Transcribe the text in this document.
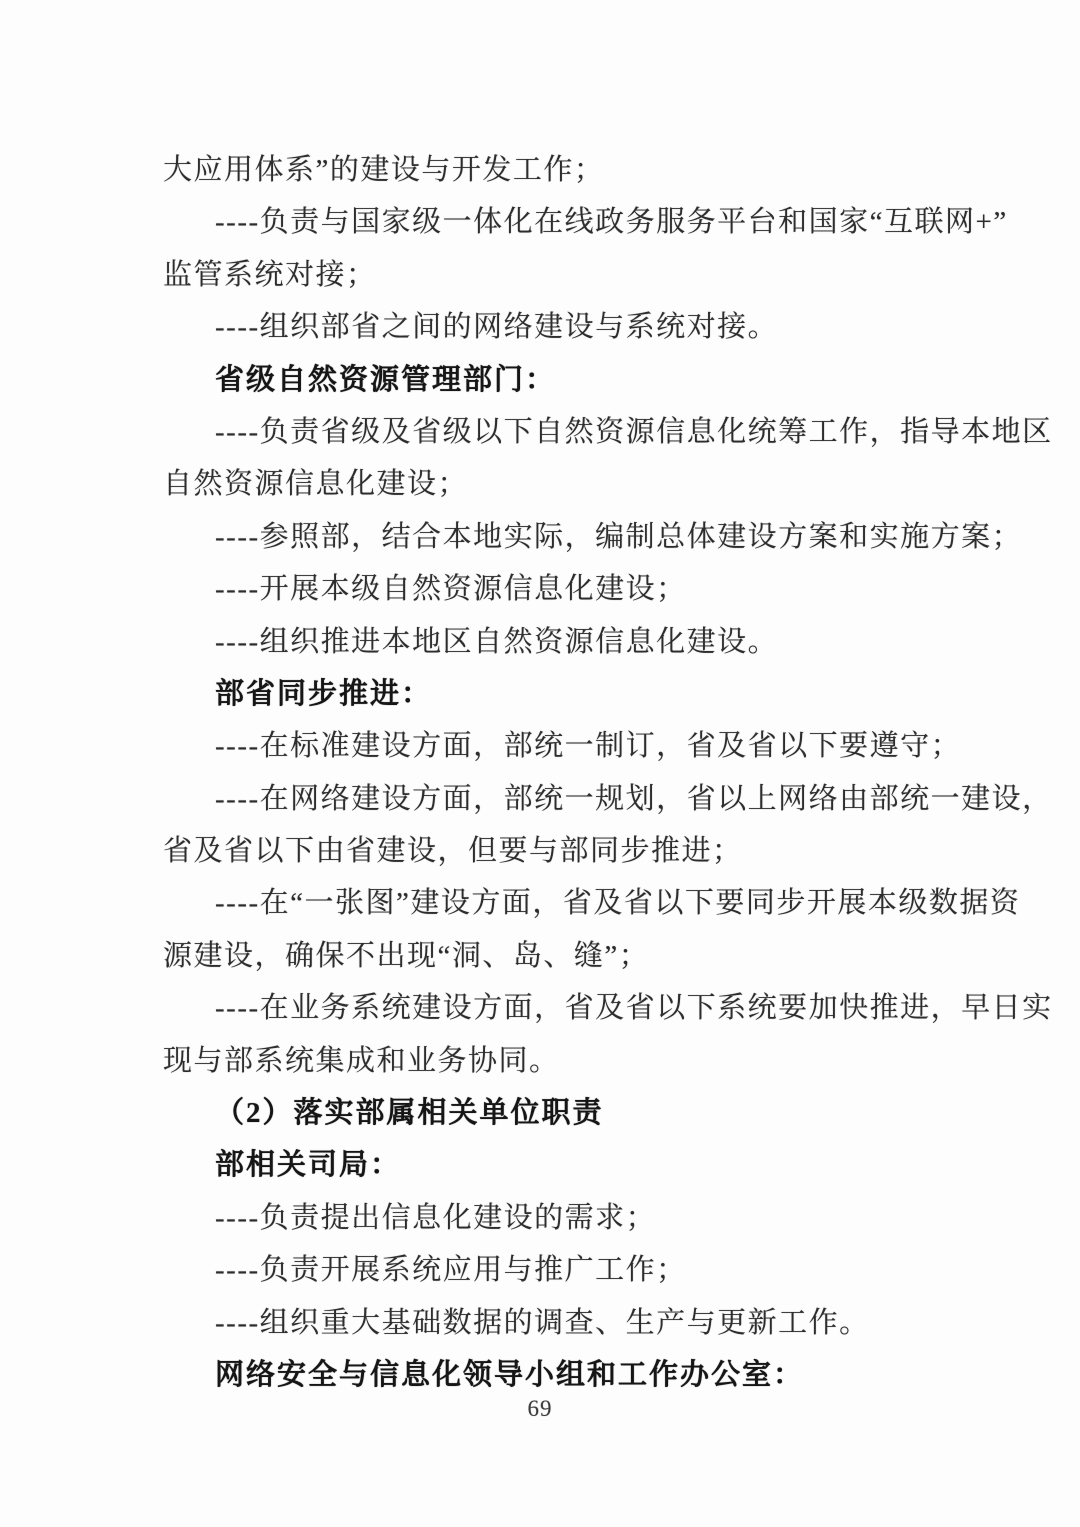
大应用体系”的建设与开发工作；

----负责与国家级一体化在线政务服务平台和国家“互联网+”

监管系统对接；

----组织部省之间的网络建设与系统对接。

省级自然资源管理部门：

----负责省级及省级以下自然资源信息化统筹工作，指导本地区

自然资源信息化建设；

----参照部，结合本地实际，编制总体建设方案和实施方案；

----开展本级自然资源信息化建设；

----组织推进本地区自然资源信息化建设。

部省同步推进：

----在标准建设方面，部统一制订，省及省以下要遵守；

----在网络建设方面，部统一规划，省以上网络由部统一建设，

省及省以下由省建设，但要与部同步推进；

----在“一张图”建设方面，省及省以下要同步开展本级数据资

源建设，确保不出现“洞、岛、缝”；

----在业务系统建设方面，省及省以下系统要加快推进，早日实

现与部系统集成和业务协同。

（2）落实部属相关单位职责

部相关司局：

----负责提出信息化建设的需求；

----负责开展系统应用与推广工作；

----组织重大基础数据的调查、生产与更新工作。

网络安全与信息化领导小组和工作办公室：

69
